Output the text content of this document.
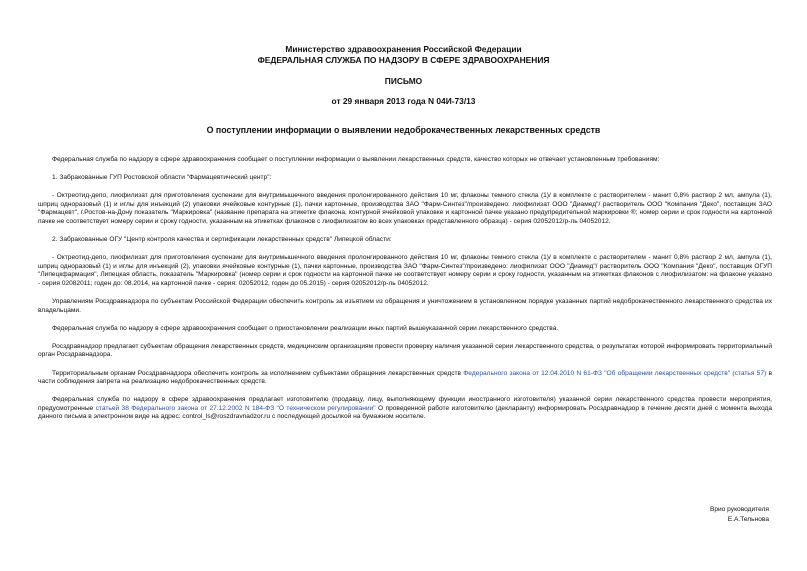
Министерство здравоохранения Российской Федерации
ФЕДЕРАЛЬНАЯ СЛУЖБА ПО НАДЗОРУ В СФЕРЕ ЗДРАВООХРАНЕНИЯ
ПИСЬМО
от 29 января 2013 года N 04И-73/13
О поступлении информации о выявлении недоброкачественных лекарственных средств

Федеральная служба по надзору в сфере здравоохранения сообщает о поступлении информации о выявлении лекарственных средств, качество которых не отвечает установленным требованиям:

1. Забракованные ГУП Ростовской области "Фармацевтический центр":

- Октреотид-депо, лиофилизат для приготовления суспензии для внутримышечного введения пролонгированного действия 10 мг, флаконы темного стекла (1)/ в комплекте с растворителем - манит 0,8% раствор 2 мл, ампула (1), шприц одноразовый (1) и иглы для инъекций (2) упаковки ячейковые контурные (1), пачки картонные, производства ЗАО "Фарм-Синтез"/произведено: лиофилизат ООО "Диамед"/ растворитель ООО "Компания "Деко", поставщик ЗАО "Фармацевт", г.Ростов-на-Дону показатель "Маркировка" (название препарата на этикетке флакона, контурной ячейковой упаковке и картонной пачке указано предупредительной маркировки ®; номер серии и срок годности на картонной пачке не соответствует номеру серии и сроку годности, указанным на этикетках флаконов с лиофилизатом во всех упаковках представленного образца) - серия 02052012/р-ль 04052012.

2. Забракованные ОГУ "Центр контроля качества и сертификации лекарственных средств" Липецкой области:

- Октреотид-депо, лиофилизат для приготовления суспензии для внутримышечного введения пролонгированного действия 10 мг, флаконы темного стекла (1)/ в комплекте с растворителем - манит 0,8% раствор 2 мл, ампула (1), шприц одноразовый (1) и иглы для инъекций (2), упаковки ячейковые контурные (1), пачки картонные, производства ЗАО "Фарм-Синтез"/произведено: лиофилизат ООО "Диамед"/ растворитель ООО "Компания "Деко", поставщик ОГУП "Липецкфармация", Липецкая область, показатель "Маркировка" (номер серии и срок годности на картонной пачке не соответствует номеру серии и сроку годности, указанным на этикетках флаконов с лиофилизатом: на флаконе указано - серия 02082011; годен до: 08.2014, на картонной пачке - серия: 02052012, годен до 05.2015) - серия 02052012/р-ль 04052012.

Управлениям Росздравнадзора по субъектам Российской Федерации обеспечить контроль за изъятием из обращения и уничтожением в установленном порядке указанных партий недоброкачественного лекарственного средства их владельцами.

Федеральная служба по надзору в сфере здравоохранения сообщает о приостановлении реализации иных партий вышеуказанной серии лекарственного средства.

Росздравнадзор предлагает субъектам обращения лекарственных средств, медицинским организациям провести проверку наличия указанной серии лекарственного средства, о результатах которой информировать территориальный орган Росздравнадзора.

Территориальным органам Росздравнадзора обеспечить контроль за исполнением субъектами обращения лекарственных средств Федерального закона от 12.04.2010 N 61-ФЗ "Об обращении лекарственных средств" (статья 57) в части соблюдения запрета на реализацию недоброкачественных средств.

Федеральная служба по надзору в сфере здравоохранения предлагает изготовителю (продавцу, лицу, выполняющему функции иностранного изготовителя) указанной серии лекарственного средства провести мероприятия, предусмотренные статьей 38 Федерального закона от 27.12.2002 N 184-ФЗ "О техническом регулировании" О проведенной работе изготовителю (декларанту) информировать Росздравнадзор в течение десяти дней с момента выхода данного письма в электронном виде на адрес: control_ls@roszdravnadzor.ru с последующей досылкой на бумажном носителе.

Врио руководителя
Е.А.Тельнова
